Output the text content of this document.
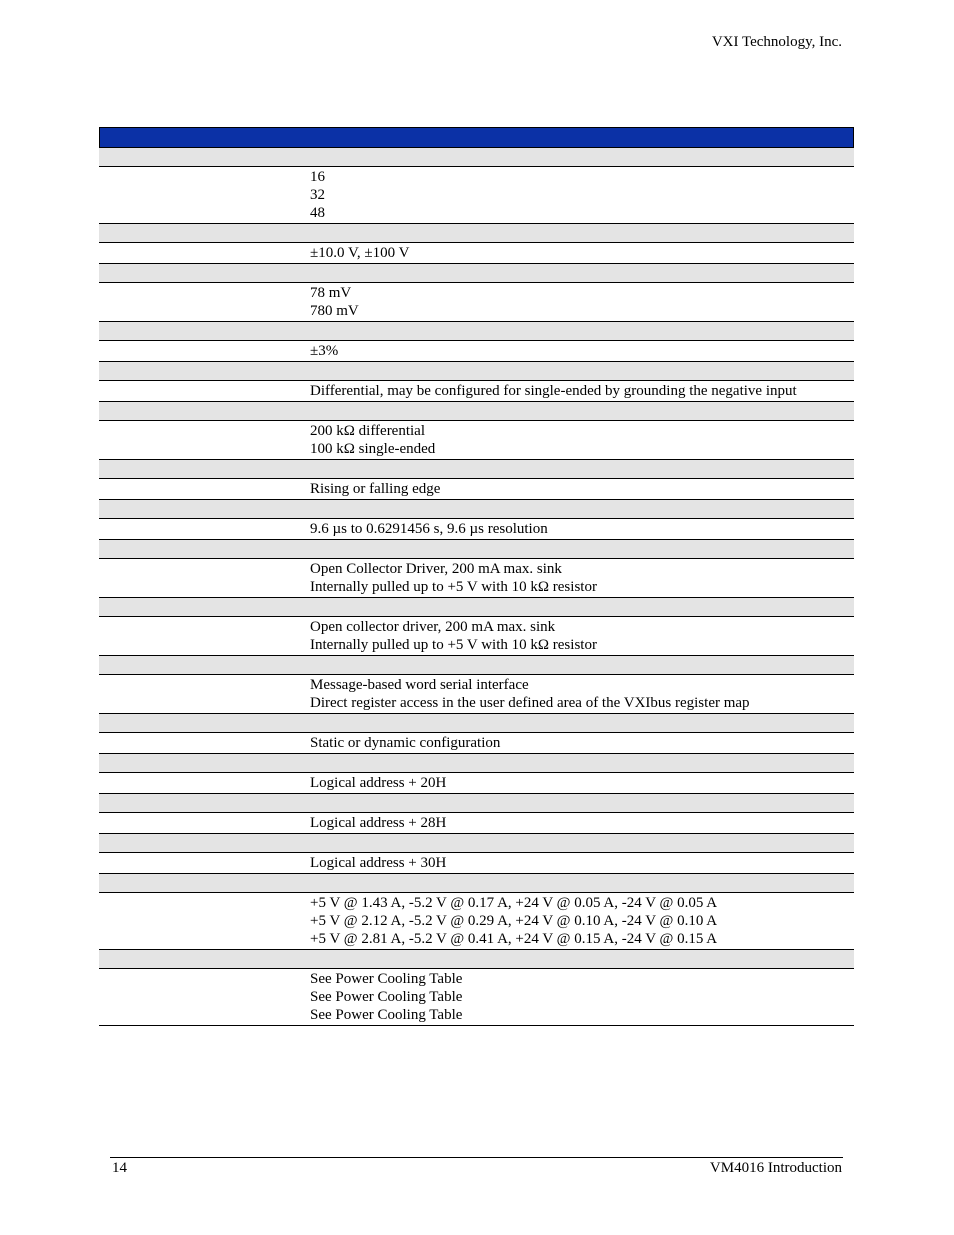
VXI Technology, Inc.
16
32
48
±10.0 V, ±100 V
78 mV
780 mV
±3%
Differential, may be configured for single-ended by grounding the negative input
200 kΩ differential
100 kΩ single-ended
Rising or falling edge
9.6 µs to 0.6291456 s, 9.6 µs resolution
Open Collector Driver, 200 mA max. sink
Internally pulled up to +5 V with 10 kΩ resistor
Open collector driver, 200 mA max. sink
Internally pulled up to +5 V with 10 kΩ resistor
Message-based word serial interface
Direct register access in the user defined area of the VXIbus register map
Static or dynamic configuration
Logical address + 20H
Logical address + 28H
Logical address + 30H
+5 V @ 1.43 A, -5.2 V @ 0.17 A, +24 V @ 0.05 A, -24 V @ 0.05 A
+5 V @ 2.12 A, -5.2 V @ 0.29 A, +24 V @ 0.10 A, -24 V @ 0.10 A
+5 V @ 2.81 A, -5.2 V @ 0.41 A, +24 V @ 0.15 A, -24 V @ 0.15 A
See Power Cooling Table
See Power Cooling Table
See Power Cooling Table
14	VM4016 Introduction
